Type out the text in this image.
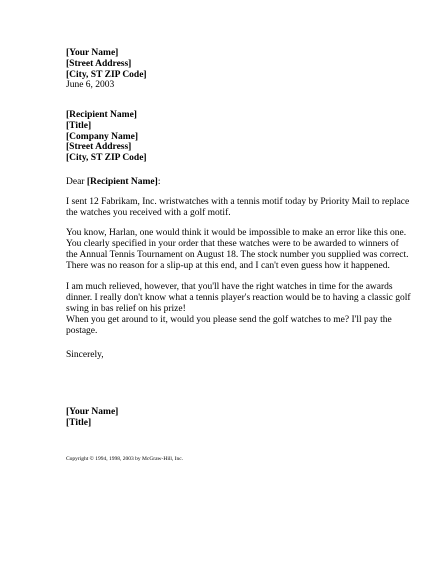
[Your Name]
[Street Address]
[City, ST ZIP Code]
June 6, 2003
[Recipient Name]
[Title]
[Company Name]
[Street Address]
[City, ST ZIP Code]
Dear [Recipient Name]:

I sent 12 Fabrikam, Inc. wristwatches with a tennis motif today by Priority Mail to replace the watches you received with a golf motif.

You know, Harlan, one would think it would be impossible to make an error like this one. You clearly specified in your order that these watches were to be awarded to winners of the Annual Tennis Tournament on August 18. The stock number you supplied was correct. There was no reason for a slip-up at this end, and I can't even guess how it happened.

I am much relieved, however, that you'll have the right watches in time for the awards dinner. I really don't know what a tennis player's reaction would be to having a classic golf swing in bas relief on his prize!

When you get around to it, would you please send the golf watches to me? I'll pay the postage.

Sincerely,
[Your Name]
[Title]
Copyright © 1994, 1998, 2003 by McGraw-Hill, Inc.
